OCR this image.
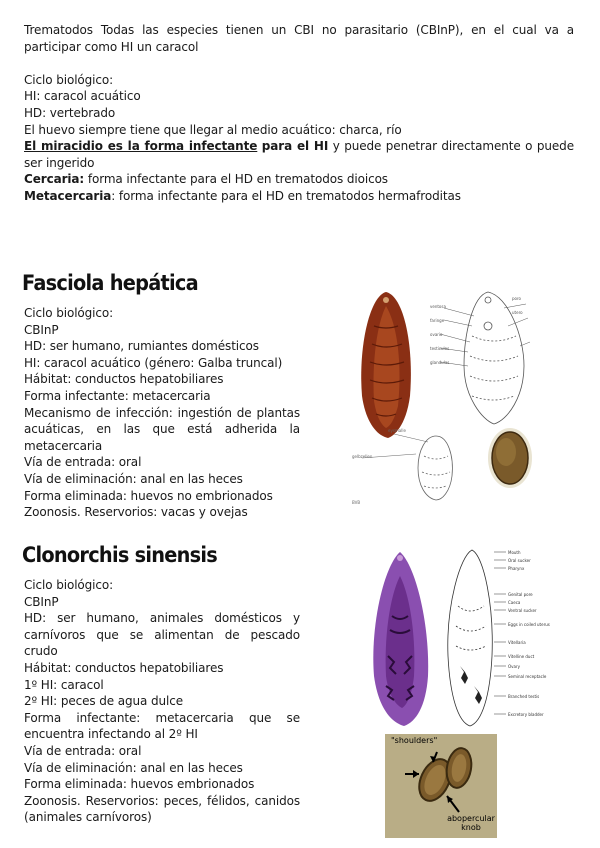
Trematodos Todas las especies tienen un CBI no parasitario (CBInP), en el cual va a participar como HI un caracol
Ciclo biológico:
HI: caracol acuático
HD: vertebrado
El huevo siempre tiene que llegar al medio acuático: charca, río
El miracidio es la forma infectante para el HI y puede penetrar directamente o puede ser ingerido
Cercaria: forma infectante para el HD en trematodos dioicos
Metacercaria: forma infectante para el HD en trematodos hermafroditas
Fasciola hepática
Ciclo biológico:
CBInP
HD: ser humano, rumiantes domésticos
HI: caracol acuático (género: Galba truncal)
Hábitat: conductos hepatobiliares
Forma infectante: metacercaria
Mecanismo de infección: ingestión de plantas acuáticas, en las que está adherida la metacercaria
Vía de entrada: oral
Vía de eliminación: anal en las heces
Forma eliminada: huevos no embrionados
Zoonosis. Reservorios: vacas y ovejas
ventosa
faringe
ovario
testiculos
glandulas
poro
utero
gelbzellen
eysmalle
BVB
Clonorchis sinensis
Ciclo biológico:
CBInP
HD: ser humano, animales domésticos y carnívoros que se alimentan de pescado crudo
Hábitat: conductos hepatobiliares
1º HI: caracol
2º HI: peces de agua dulce
Forma infectante: metacercaria que se encuentra infectando al 2º HI
Vía de entrada: oral
Vía de eliminación: anal en las heces
Forma eliminada: huevos embrionados
Zoonosis. Reservorios: peces, félidos, canidos (animales carnívoros)
Mouth
Oral sucker
Pharynx
Genital pore
Caeca
Ventral sucker
Eggs in coiled uterus
Vitellaria
Vitelline duct
Ovary
Seminal receptacle
Branched testis
Excretory bladder
"shoulders"
abopercular knob
